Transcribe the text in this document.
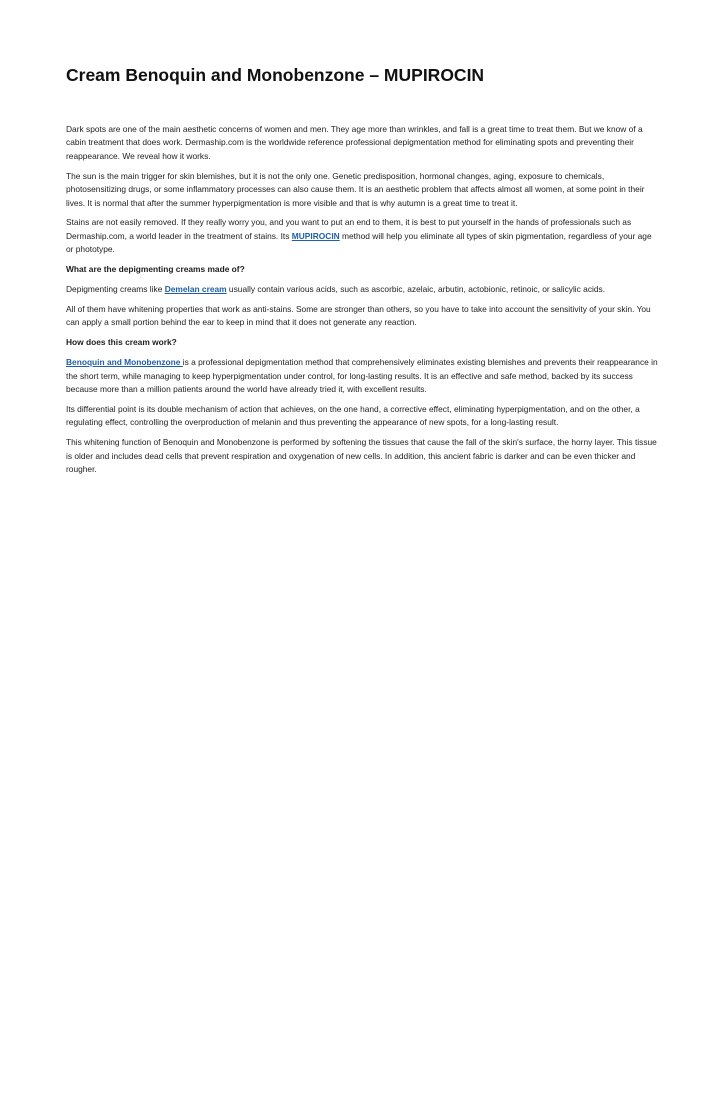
Cream Benoquin and Monobenzone – MUPIROCIN

Dark spots are one of the main aesthetic concerns of women and men. They age more than wrinkles, and fall is a great time to treat them. But we know of a cabin treatment that does work. Dermaship.com is the worldwide reference professional depigmentation method for eliminating spots and preventing their reappearance. We reveal how it works.

The sun is the main trigger for skin blemishes, but it is not the only one. Genetic predisposition, hormonal changes, aging, exposure to chemicals, photosensitizing drugs, or some inflammatory processes can also cause them. It is an aesthetic problem that affects almost all women, at some point in their lives. It is normal that after the summer hyperpigmentation is more visible and that is why autumn is a great time to treat it.

Stains are not easily removed. If they really worry you, and you want to put an end to them, it is best to put yourself in the hands of professionals such as Dermaship.com, a world leader in the treatment of stains. Its MUPIROCIN method will help you eliminate all types of skin pigmentation, regardless of your age or phototype.

What are the depigmenting creams made of?

Depigmenting creams like Demelan cream usually contain various acids, such as ascorbic, azelaic, arbutin, actobionic, retinoic, or salicylic acids.

All of them have whitening properties that work as anti-stains. Some are stronger than others, so you have to take into account the sensitivity of your skin. You can apply a small portion behind the ear to keep in mind that it does not generate any reaction.

How does this cream work?

Benoquin and Monobenzone is a professional depigmentation method that comprehensively eliminates existing blemishes and prevents their reappearance in the short term, while managing to keep hyperpigmentation under control, for long-lasting results. It is an effective and safe method, backed by its success because more than a million patients around the world have already tried it, with excellent results.

Its differential point is its double mechanism of action that achieves, on the one hand, a corrective effect, eliminating hyperpigmentation, and on the other, a regulating effect, controlling the overproduction of melanin and thus preventing the appearance of new spots, for a long-lasting result.

This whitening function of Benoquin and Monobenzone is performed by softening the tissues that cause the fall of the skin's surface, the horny layer. This tissue is older and includes dead cells that prevent respiration and oxygenation of new cells. In addition, this ancient fabric is darker and can be even thicker and rougher.
